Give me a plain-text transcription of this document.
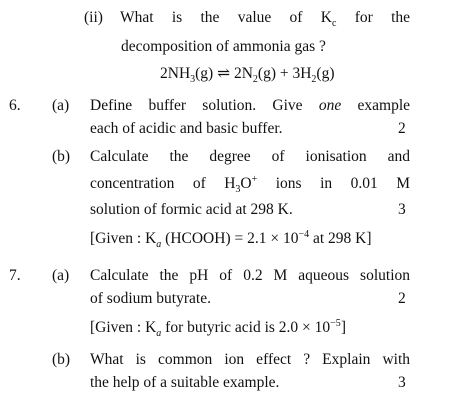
(ii) What is the value of $K_c$ for the
decomposition of ammonia gas ?
$2NH_3(g)$ ⇌ $2N_2(g) + 3H_2(g)$
6. (a) Define buffer solution. Give one example
each of acidic and basic buffer.	2
(b) Calculate the degree of ionisation and
concentration of $H_3O^+$ ions in 0.01 M
solution of formic acid at 298 K.	3
[Given : $K_a$ (HCOOH) = $2.1 \times 10^{-4}$ at 298 K]
7. (a) Calculate the pH of 0.2 M aqueous solution
of sodium butyrate.	2
[Given : $K_a$ for butyric acid is $2.0 \times 10^{-5}$]
(b) What is common ion effect ? Explain with
the help of a suitable example.	3
